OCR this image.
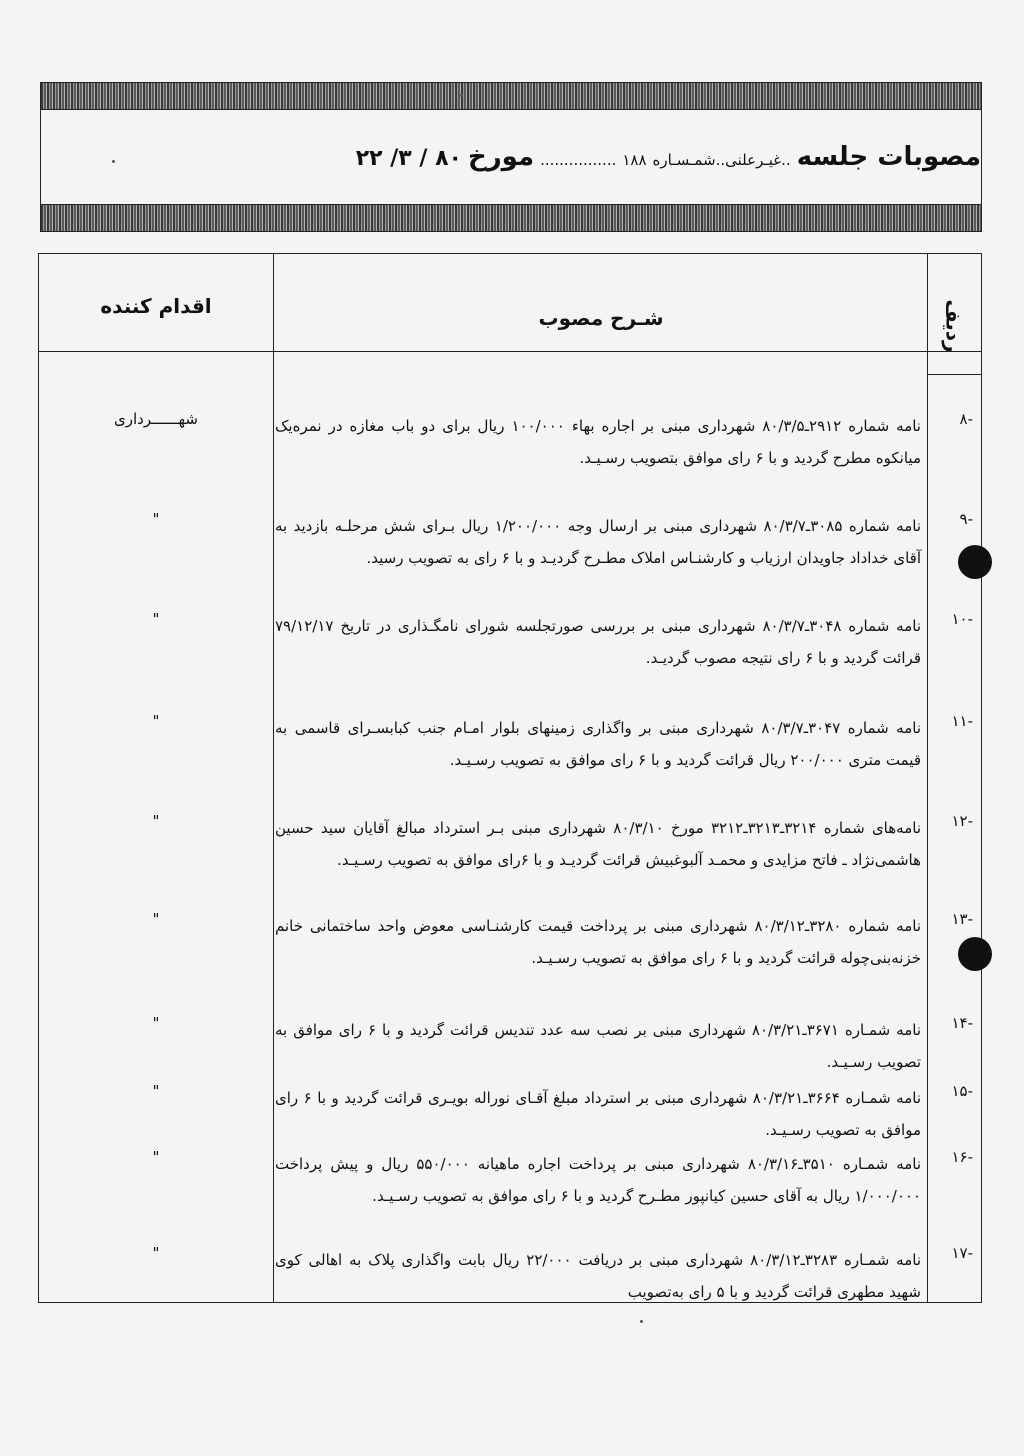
مصوبات جلسه
..غیـرعلنی..شمـسـارە
۱۸۸
................
مورخ
۸۰ / ۳/ ۲۲
اقدام کننده	شـرح مصوب	ردیف
-۸
نامه شماره ۲۹۱۲ـ۸۰/۳/۵ شهرداری مبنی بر اجاره بهاء ۱۰۰/۰۰۰ ریال برای دو باب مغازه در نمره‌یک میانکوه مطرح گردید و با ۶ رای موافق بتصویب رسـیـد.
شهــــــرداری
-۹
نامه شماره ۳۰۸۵ـ۸۰/۳/۷ شهرداری مبنی بر ارسال وجه ۱/۲۰۰/۰۰۰ ریال بـرای شش مرحلـه بازدید به آقای خداداد جاویدان ارزیاب و کارشنـاس املاک مطـرح گردیـد و با ۶ رای به تصویب رسید.
"
-۱۰
نامه شماره ۳۰۴۸ـ۸۰/۳/۷ شهرداری مبنی بر بررسی صورتجلسه شورای نامگـذاری در تاریخ ۷۹/۱۲/۱۷ قرائت گردید و با ۶ رای نتیجه مصوب گردیـد.
"
-۱۱
نامه شماره ۳۰۴۷ـ۸۰/۳/۷ شهرداری مبنی بر واگذاری زمینهای بلوار امـام جنب کبابسـرای قاسمی به قیمت متری ۲۰۰/۰۰۰ ریال قرائت گردید و با ۶ رای موافق به تصویب رسـیـد.
"
-۱۲
نامه‌های شماره ۳۲۱۴ـ۳۲۱۳ـ۳۲۱۲ مورخ ۸۰/۳/۱۰ شهرداری مبنی بـر استرداد مبالغ آقایان سید حسین هاشمی‌نژاد ـ فاتح مزایدی و محمـد آلبوغبیش قرائت گردیـد و با ۶رای موافق به تصویب رسـیـد.
"
-۱۳
نامه شماره ۳۲۸۰ـ۸۰/۳/۱۲ شهرداری مبنی بر پرداخت قیمت کارشنـاسی معوض واحد ساختمانی خانم خزنه‌بنی‌چوله قرائت گردید و با ۶ رای موافق به تصویب رسـیـد.
"
-۱۴
نامه شمـاره ۳۶۷۱ـ۸۰/۳/۲۱ شهرداری مبنی بر نصب سه عدد تندیس قرائت گردید و با ۶ رای موافق به تصویب رسـیـد.
"
-۱۵
نامه شمـاره ۳۶۶۴ـ۸۰/۳/۲۱ شهرداری مبنی بر استرداد مبلغ آقـای نوراله بویـری قرائت گردید و با ۶ رای موافق به تصویب رسـیـد.
"
-۱۶
نامه شمـاره ۳۵۱۰ـ۸۰/۳/۱۶ شهرداری مبنی بر پرداخت اجاره ماهیانه ۵۵۰/۰۰۰ ریال و پیش پرداخت ۱/۰۰۰/۰۰۰ ریال به آقای حسین کیانپور مطـرح گردید و با ۶ رای موافق به تصویب رسـیـد.
"
-۱۷
نامه شمـاره ۳۲۸۳ـ۸۰/۳/۱۲ شهرداری مبنی بر دریافت ۲۲/۰۰۰ ریال بابت واگذاری پلاک به اهالی کوی شهید مطهری قرائت گردید و با ۵ رای به‌تصویب
"
